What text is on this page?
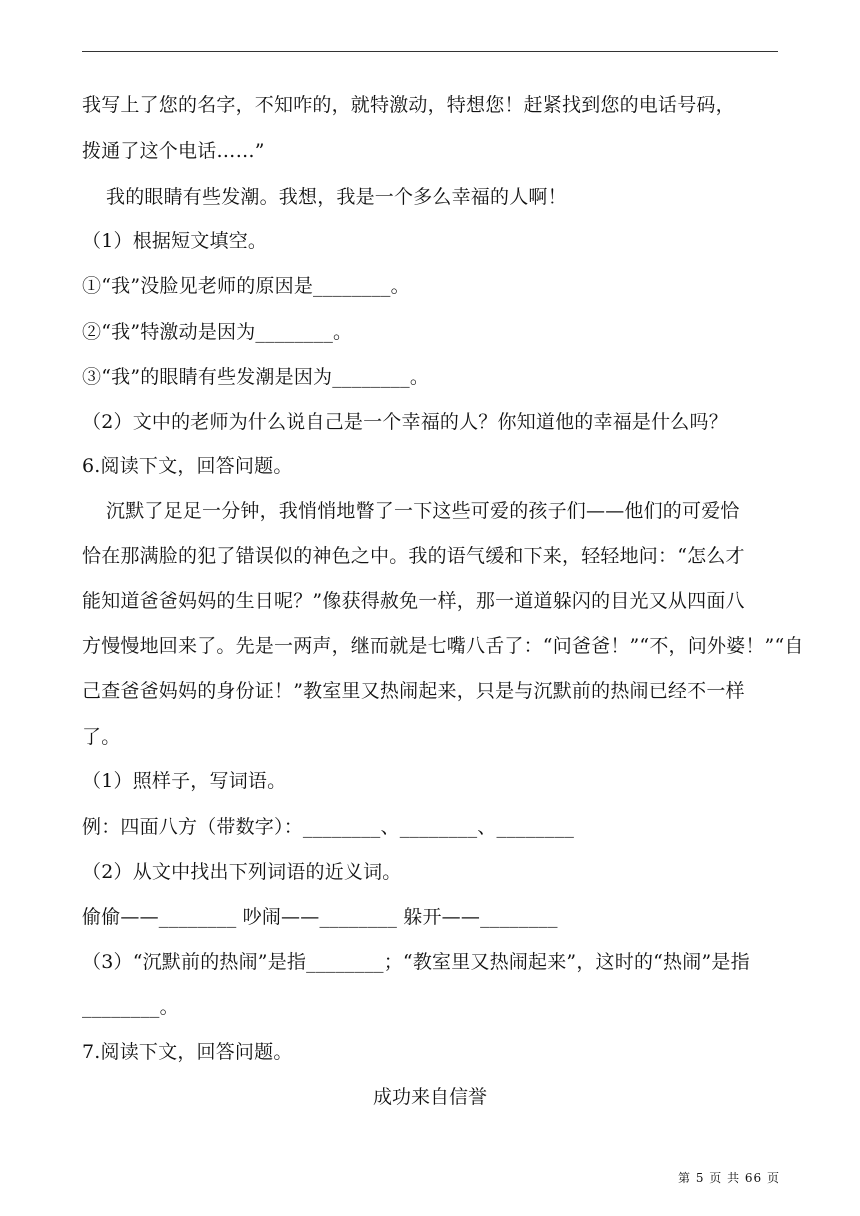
我写上了您的名字，不知咋的，就特激动，特想您！赶紧找到您的电话号码，
拨通了这个电话……”
我的眼睛有些发潮。我想，我是一个多么幸福的人啊！
（1）根据短文填空。
①“我”没脸见老师的原因是________。
②“我”特激动是因为________。
③“我”的眼睛有些发潮是因为________。
（2）文中的老师为什么说自己是一个幸福的人？你知道他的幸福是什么吗？
6.阅读下文，回答问题。
沉默了足足一分钟，我悄悄地瞥了一下这些可爱的孩子们——他们的可爱恰
恰在那满脸的犯了错误似的神色之中。我的语气缓和下来，轻轻地问：“怎么才
能知道爸爸妈妈的生日呢？”像获得赦免一样，那一道道躲闪的目光又从四面八
方慢慢地回来了。先是一两声，继而就是七嘴八舌了：“问爸爸！”“不，问外婆！”“自
己查爸爸妈妈的身份证！”教室里又热闹起来，只是与沉默前的热闹已经不一样
了。
（1）照样子，写词语。
例：四面八方（带数字）：________、________、________
（2）从文中找出下列词语的近义词。
偷偷——________ 吵闹——________ 躲开——________
（3）“沉默前的热闹”是指________；“教室里又热闹起来”，这时的“热闹”是指
________。
7.阅读下文，回答问题。
成功来自信誉
第 5 页 共 66 页
